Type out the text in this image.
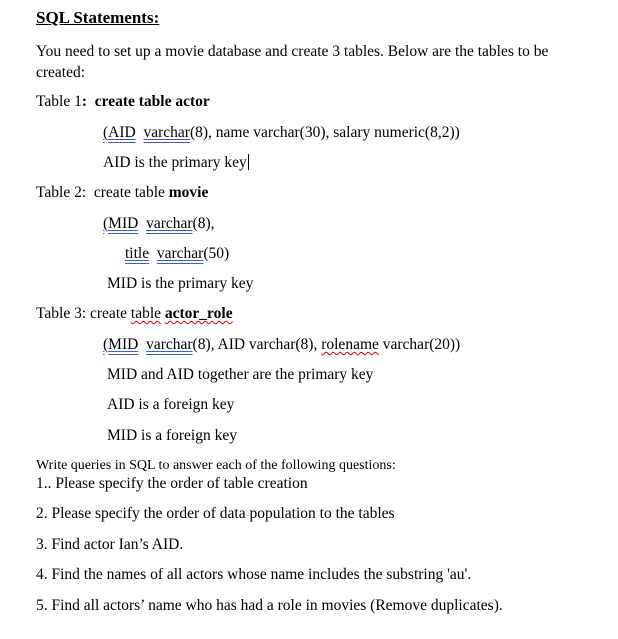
SQL Statements:
You need to set up a movie database and create 3 tables. Below are the tables to be created:
Table 1: create table actor
(AID varchar(8), name varchar(30), salary numeric(8,2))
AID is the primary key
Table 2: create table movie
(MID varchar(8),
title varchar(50)
MID is the primary key
Table 3: create table actor_role
(MID varchar(8), AID varchar(8), rolename varchar(20))
MID and AID together are the primary key
AID is a foreign key
MID is a foreign key
Write queries in SQL to answer each of the following questions:
1.. Please specify the order of table creation
2. Please specify the order of data population to the tables
3. Find actor Ian’s AID.
4. Find the names of all actors whose name includes the substring 'au'.
5. Find all actors’ name who has had a role in movies (Remove duplicates).
